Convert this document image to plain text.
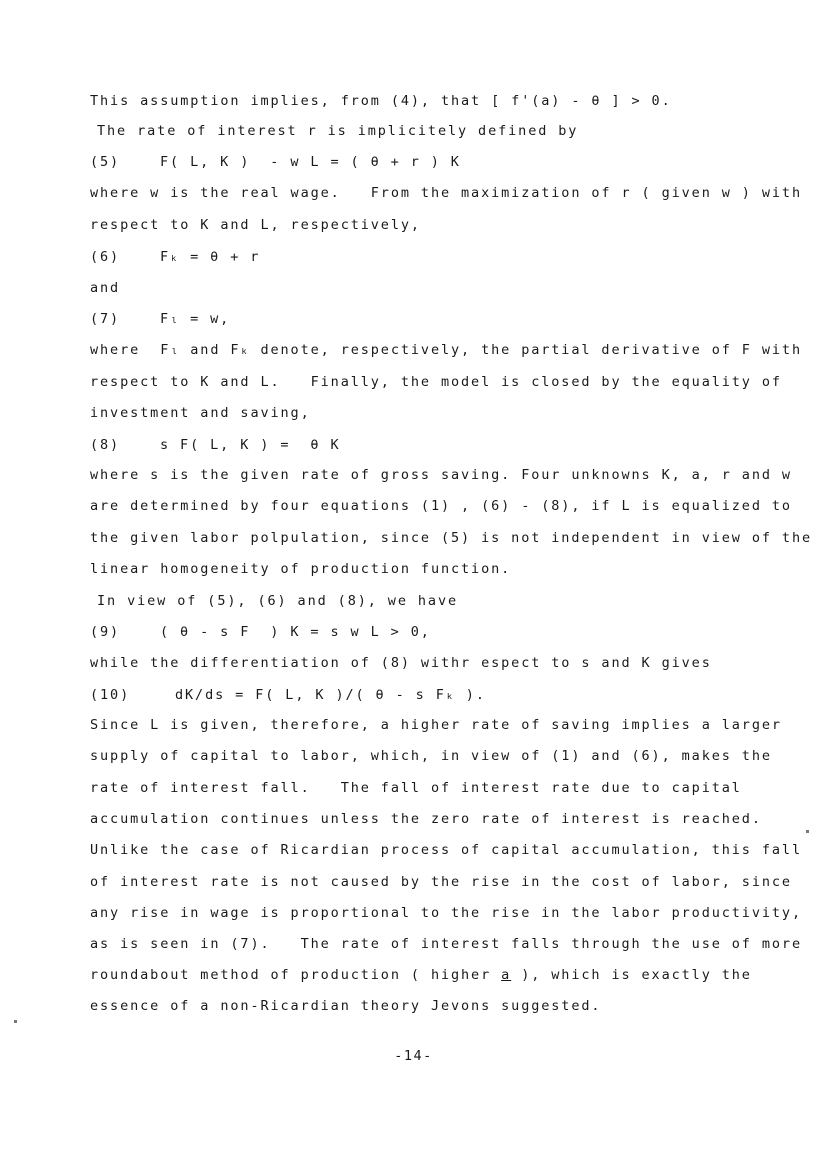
This assumption implies, from (4), that [ f'(a) - θ ] > 0.
The rate of interest r is implicitely defined by
(5)	F( L, K )  - w L = ( θ + r ) K
where w is the real wage.   From the maximization of r ( given w ) with
respect to K and L, respectively,
(6)	Fₖ = θ + r
and
(7)	Fₗ = w,
where  Fₗ and Fₖ denote, respectively, the partial derivative of F with
respect to K and L.   Finally, the model is closed by the equality of
investment and saving,
(8)	s F( L, K ) =  θ K
where s is the given rate of gross saving. Four unknowns K, a, r and w
are determined by four equations (1) , (6) - (8), if L is equalized to
the given labor polpulation, since (5) is not independent in view of the
linear homogeneity of production function.
In view of (5), (6) and (8), we have
(9)	( θ - s F  ) K = s w L > 0,
while the differentiation of (8) withr espect to s and K gives
(10)	dK/ds = F( L, K )/( θ - s Fₖ ).
Since L is given, therefore, a higher rate of saving implies a larger
supply of capital to labor, which, in view of (1) and (6), makes the
rate of interest fall.   The fall of interest rate due to capital
accumulation continues unless the zero rate of interest is reached.
Unlike the case of Ricardian process of capital accumulation, this fall
of interest rate is not caused by the rise in the cost of labor, since
any rise in wage is proportional to the rise in the labor productivity,
as is seen in (7).   The rate of interest falls through the use of more
roundabout method of production ( higher a ), which is exactly the
essence of a non-Ricardian theory Jevons suggested.
-14-
